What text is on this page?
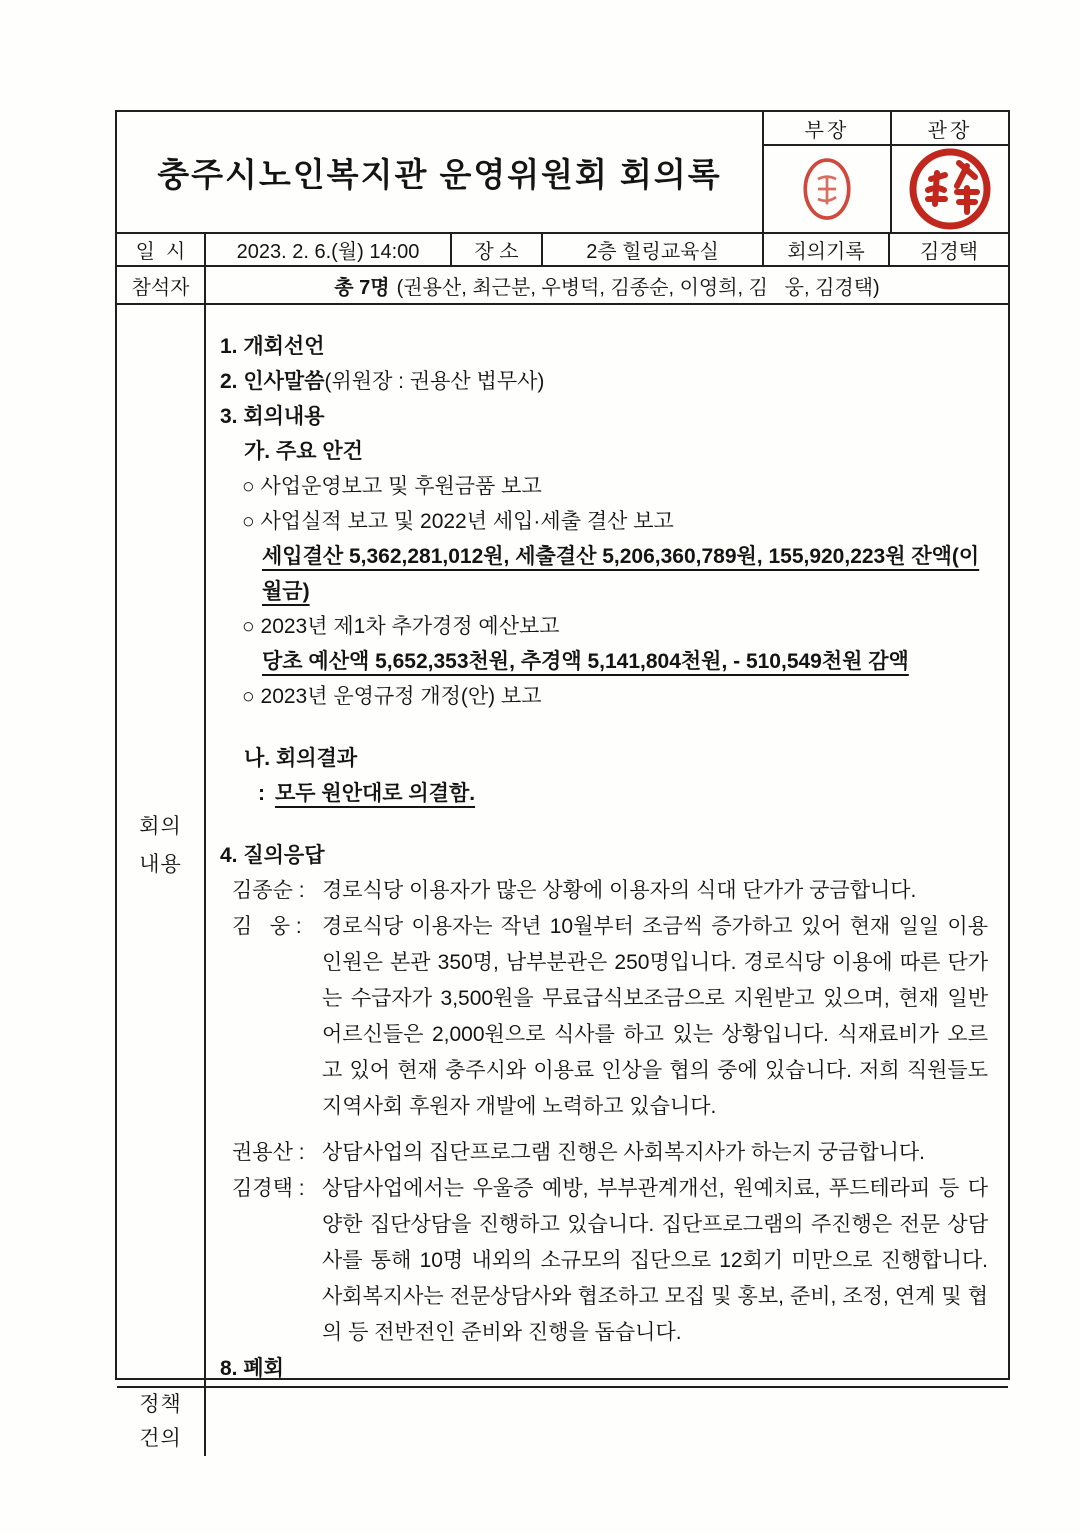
충주시노인복지관 운영위원회 회의록
부장	관장
일  시	2023. 2. 6.(월) 14:00	장 소	2층 힐링교육실	회의기록	김경택
참석자	총 7명 (권용산, 최근분, 우병덕, 김종순, 이영희, 김   웅, 김경택)
회의
내용
1. 개회선언
2. 인사말씀(위원장 : 권용산 법무사)
3. 회의내용
가. 주요 안건
○ 사업운영보고 및 후원금품 보고
○ 사업실적 보고 및 2022년 세입·세출 결산 보고
세입결산 5,362,281,012원, 세출결산 5,206,360,789원, 155,920,223원 잔액(이월금)
○ 2023년 제1차 추가경정 예산보고
당초 예산액 5,652,353천원, 추경액 5,141,804천원, - 510,549천원 감액
○ 2023년 운영규정 개정(안) 보고
나. 회의결과
: 모두 원안대로 의결함.
4. 질의응답
김종순 : 경로식당 이용자가 많은 상황에 이용자의 식대 단가가 궁금합니다.
김   웅 : 경로식당 이용자는 작년 10월부터 조금씩 증가하고 있어 현재 일일 이용 인원은 본관 350명, 남부분관은 250명입니다. 경로식당 이용에 따른 단가는 수급자가 3,500원을 무료급식보조금으로 지원받고 있으며, 현재 일반 어르신들은 2,000원으로 식사를 하고 있는 상황입니다. 식재료비가 오르고 있어 현재 충주시와 이용료 인상을 협의 중에 있습니다. 저희 직원들도 지역사회 후원자 개발에 노력하고 있습니다.
권용산 : 상담사업의 집단프로그램 진행은 사회복지사가 하는지 궁금합니다.
김경택 : 상담사업에서는 우울증 예방, 부부관계개선, 원예치료, 푸드테라피 등 다양한 집단상담을 진행하고 있습니다. 집단프로그램의 주진행은 전문 상담사를 통해 10명 내외의 소규모의 집단으로 12회기 미만으로 진행합니다. 사회복지사는 전문상담사와 협조하고 모집 및 홍보, 준비, 조정, 연계 및 협의 등 전반전인 준비와 진행을 돕습니다.
8. 폐회
정책
건의
